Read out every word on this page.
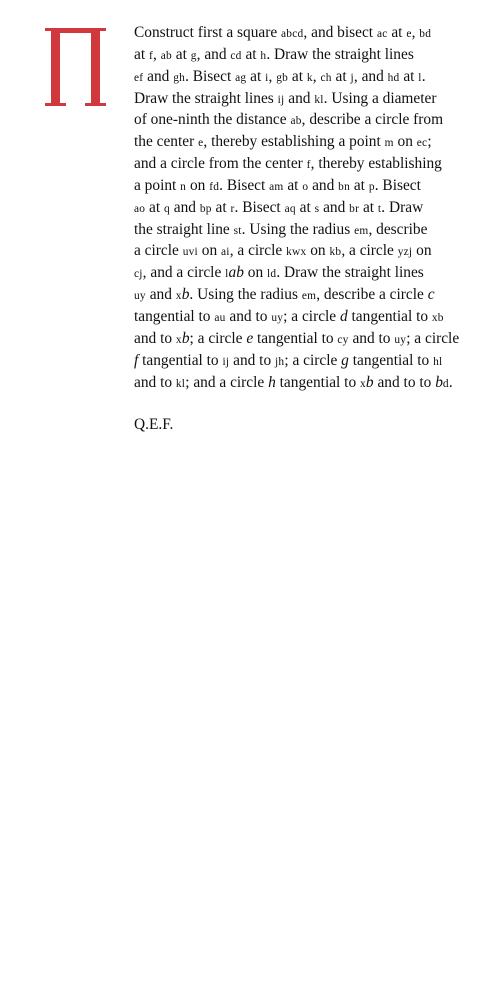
Construct first a square abcd, and bisect ac at e, bd
at f, ab at g, and cd at h. Draw the straight lines
ef and gh. Bisect ag at i, gb at k, ch at j, and hd at l.
Draw the straight lines ij and kl. Using a diameter
of one-ninth the distance ab, describe a circle from
the center e, thereby establishing a point m on ec;
and a circle from the center f, thereby establishing
a point n on fd. Bisect am at o and bn at p. Bisect
ao at q and bp at r. Bisect aq at s and br at t. Draw
the straight line st. Using the radius em, describe
a circle uvi on ai, a circle kwx on kb, a circle yzj on
cj, and a circle lab on ld. Draw the straight lines
uy and xb. Using the radius em, describe a circle c
tangential to au and to uy; a circle d tangential to xb
and to xb; a circle e tangential to cy and to uy; a circle
f tangential to ij and to jh; a circle g tangential to hl
and to kl; and a circle h tangential to xb and to to bd.

Q.E.F.
